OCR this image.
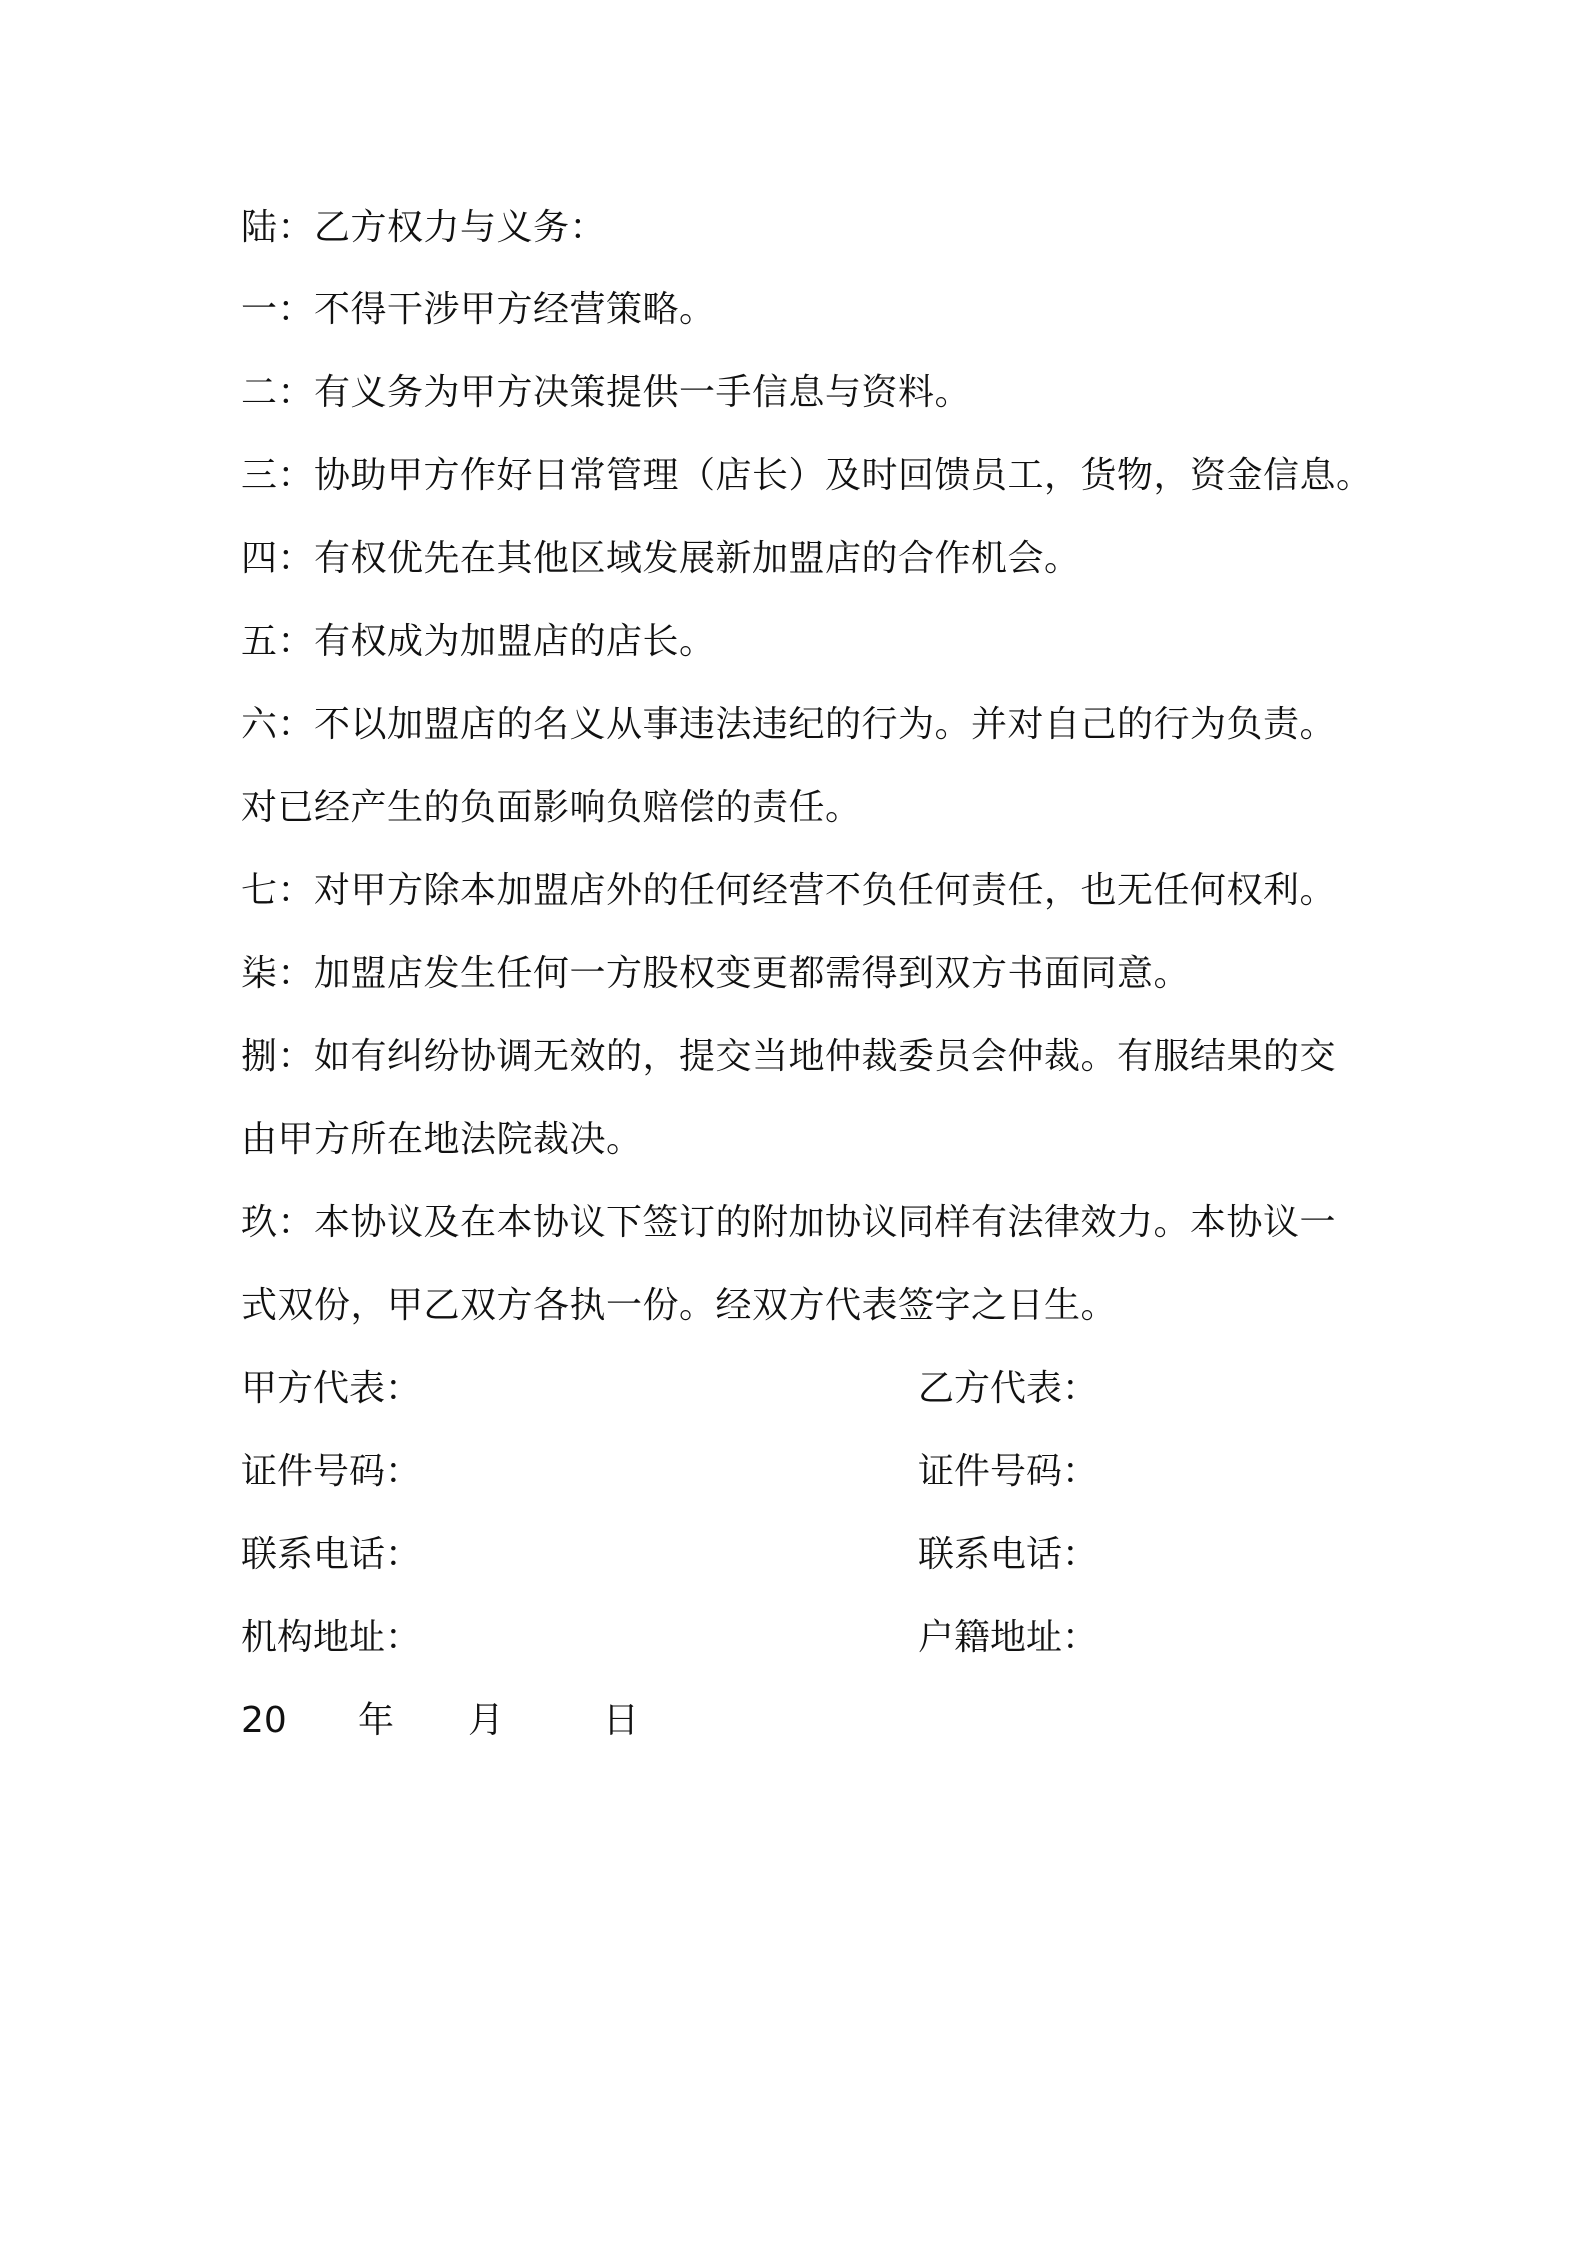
陆：乙方权力与义务：
一：不得干涉甲方经营策略。
二：有义务为甲方决策提供一手信息与资料。
三：协助甲方作好日常管理（店长）及时回馈员工，货物，资金信息。
四：有权优先在其他区域发展新加盟店的合作机会。
五：有权成为加盟店的店长。
六：不以加盟店的名义从事违法违纪的行为。并对自己的行为负责。
对已经产生的负面影响负赔偿的责任。
七：对甲方除本加盟店外的任何经营不负任何责任，也无任何权利。
柒：加盟店发生任何一方股权变更都需得到双方书面同意。
捌：如有纠纷协调无效的，提交当地仲裁委员会仲裁。有服结果的交
由甲方所在地法院裁决。
玖：本协议及在本协议下签订的附加协议同样有法律效力。本协议一
式双份，甲乙双方各执一份。经双方代表签字之日生。
甲方代表：	乙方代表：
证件号码：	证件号码：
联系电话：	联系电话：
机构地址：	户籍地址：
20 年 月	日
